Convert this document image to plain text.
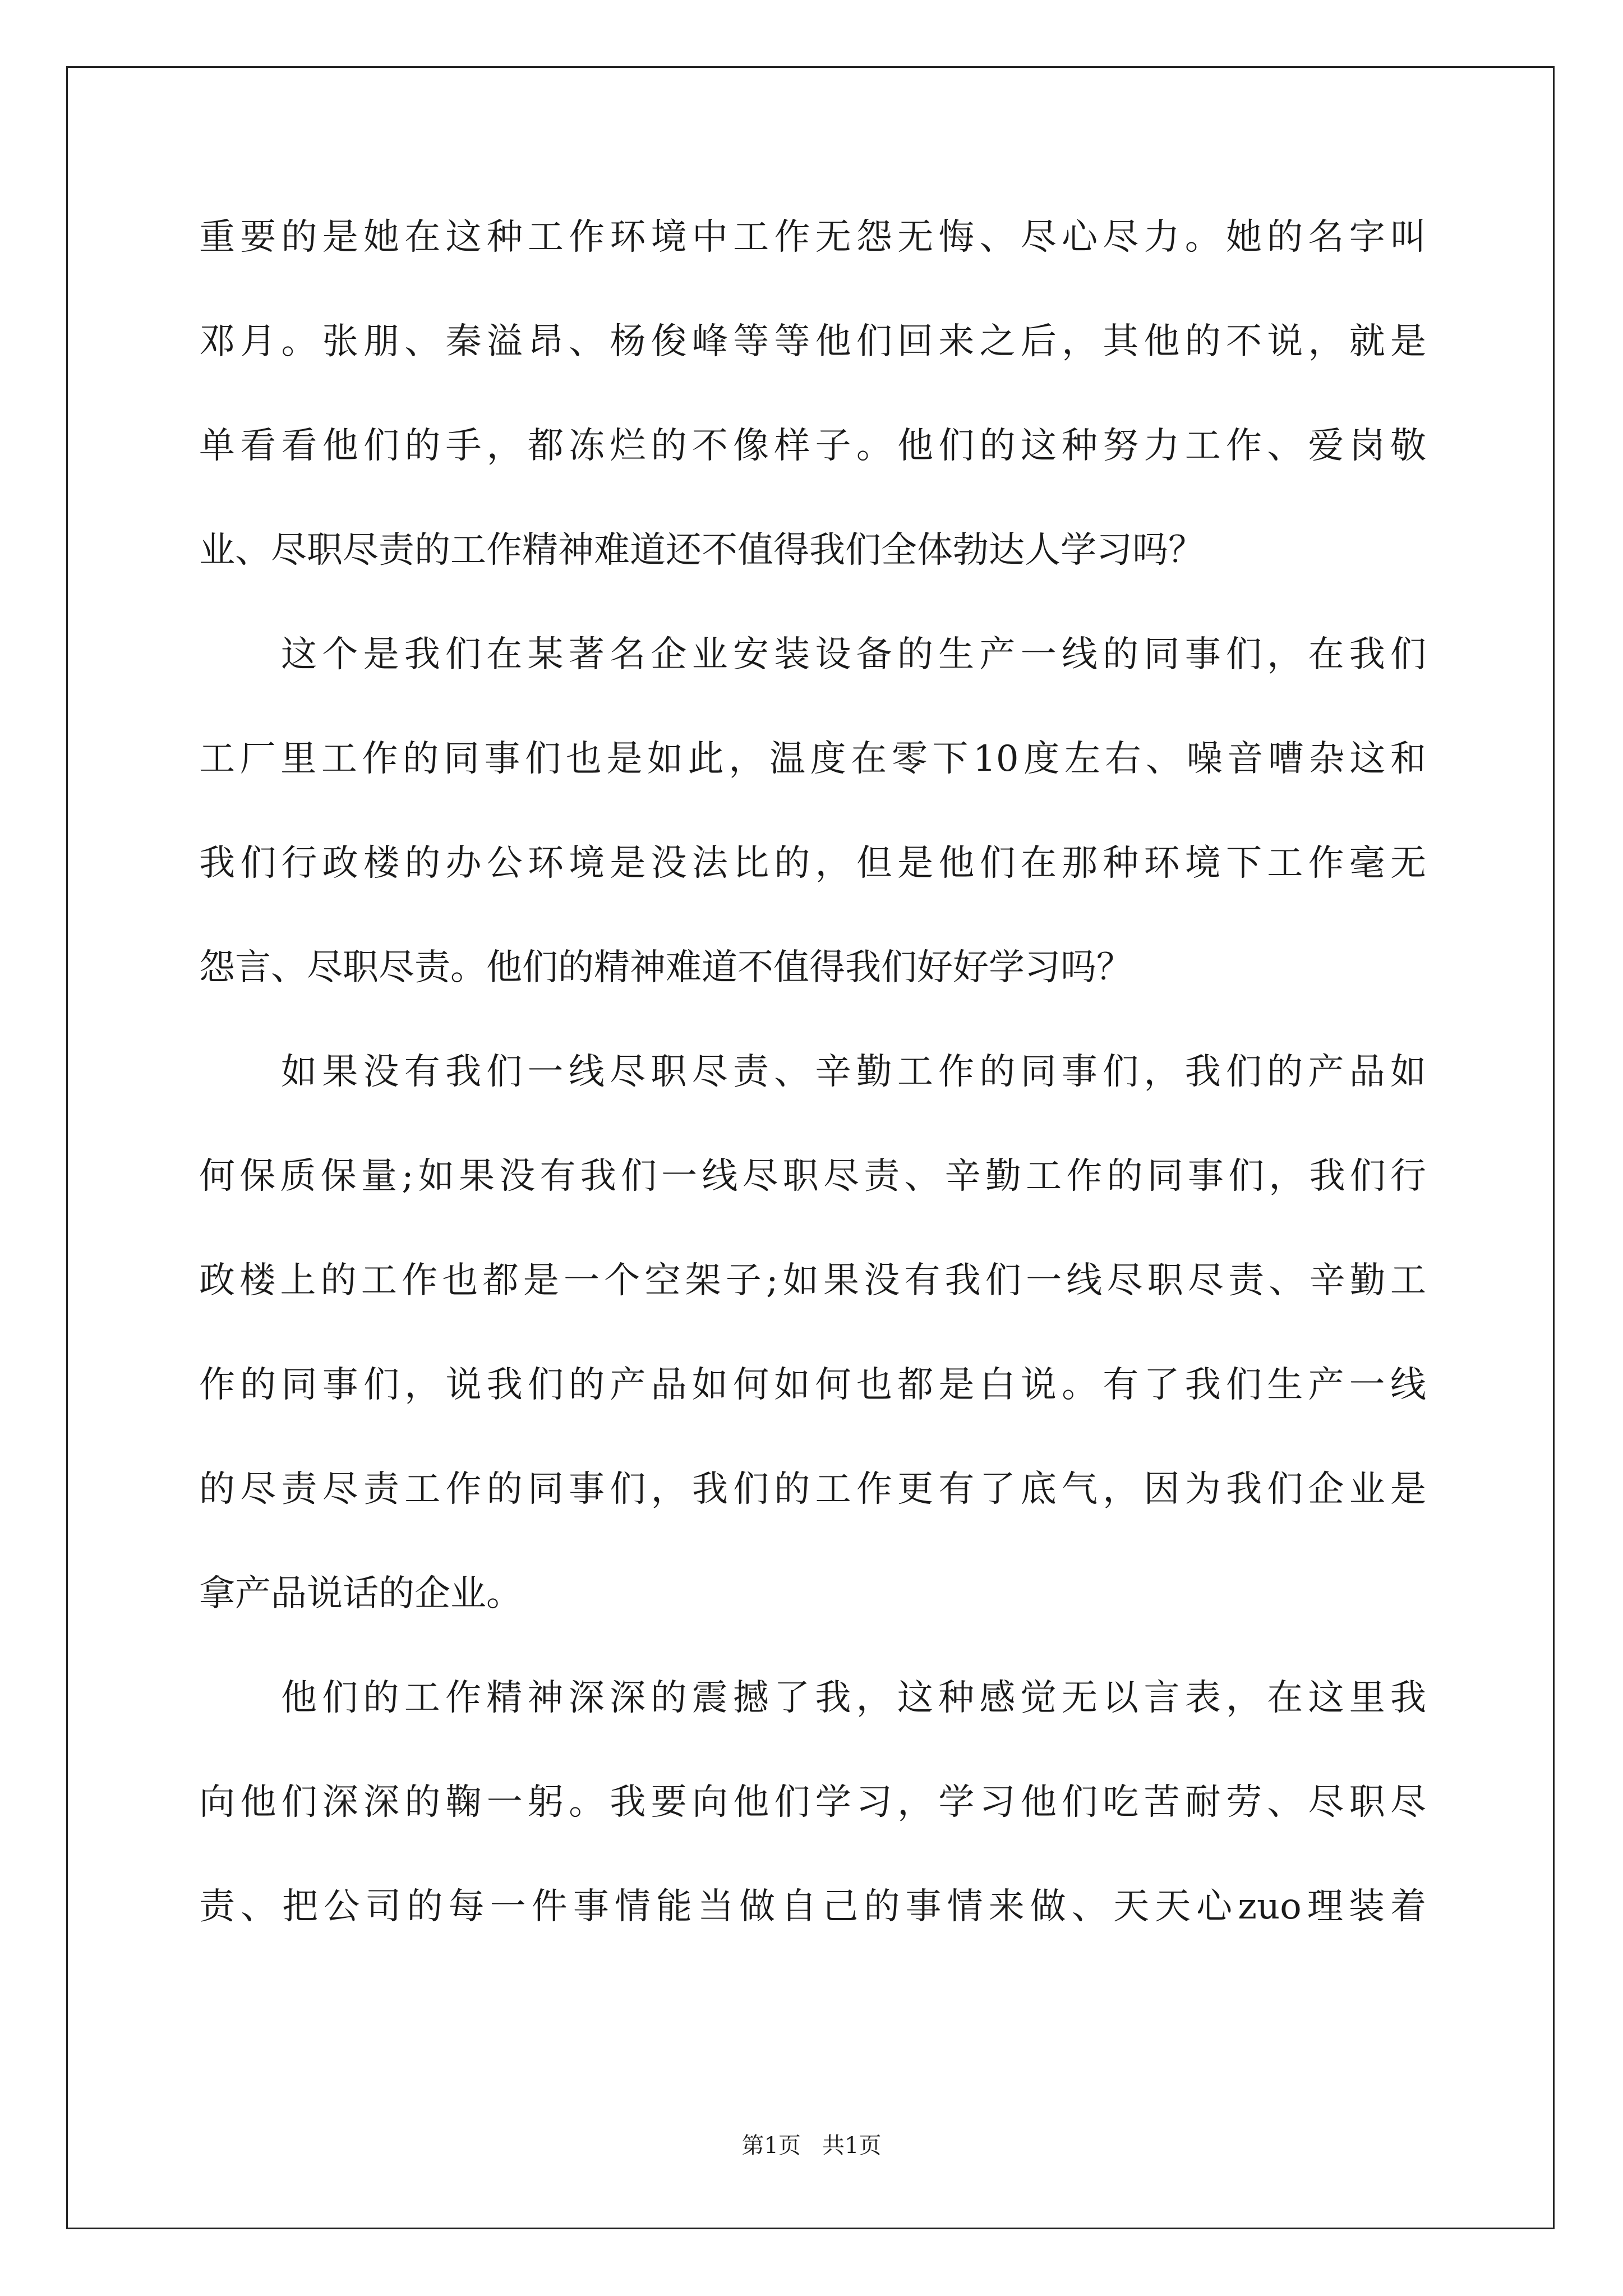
重要的是她在这种工作环境中工作无怨无悔、尽心尽力。她的名字叫
邓月。张朋、秦溢昂、杨俊峰等等他们回来之后，其他的不说，就是
单看看他们的手，都冻烂的不像样子。他们的这种努力工作、爱岗敬
业、尽职尽责的工作精神难道还不值得我们全体勃达人学习吗？
这个是我们在某著名企业安装设备的生产一线的同事们，在我们
工厂里工作的同事们也是如此，温度在零下10度左右、噪音嘈杂这和
我们行政楼的办公环境是没法比的，但是他们在那种环境下工作毫无
怨言、尽职尽责。他们的精神难道不值得我们好好学习吗？
如果没有我们一线尽职尽责、辛勤工作的同事们，我们的产品如
何保质保量;如果没有我们一线尽职尽责、辛勤工作的同事们，我们行
政楼上的工作也都是一个空架子;如果没有我们一线尽职尽责、辛勤工
作的同事们，说我们的产品如何如何也都是白说。有了我们生产一线
的尽责尽责工作的同事们，我们的工作更有了底气，因为我们企业是
拿产品说话的企业。
他们的工作精神深深的震撼了我，这种感觉无以言表，在这里我
向他们深深的鞠一躬。我要向他们学习，学习他们吃苦耐劳、尽职尽
责、把公司的每一件事情能当做自己的事情来做、天天心zuo理装着
第1页   共1页
